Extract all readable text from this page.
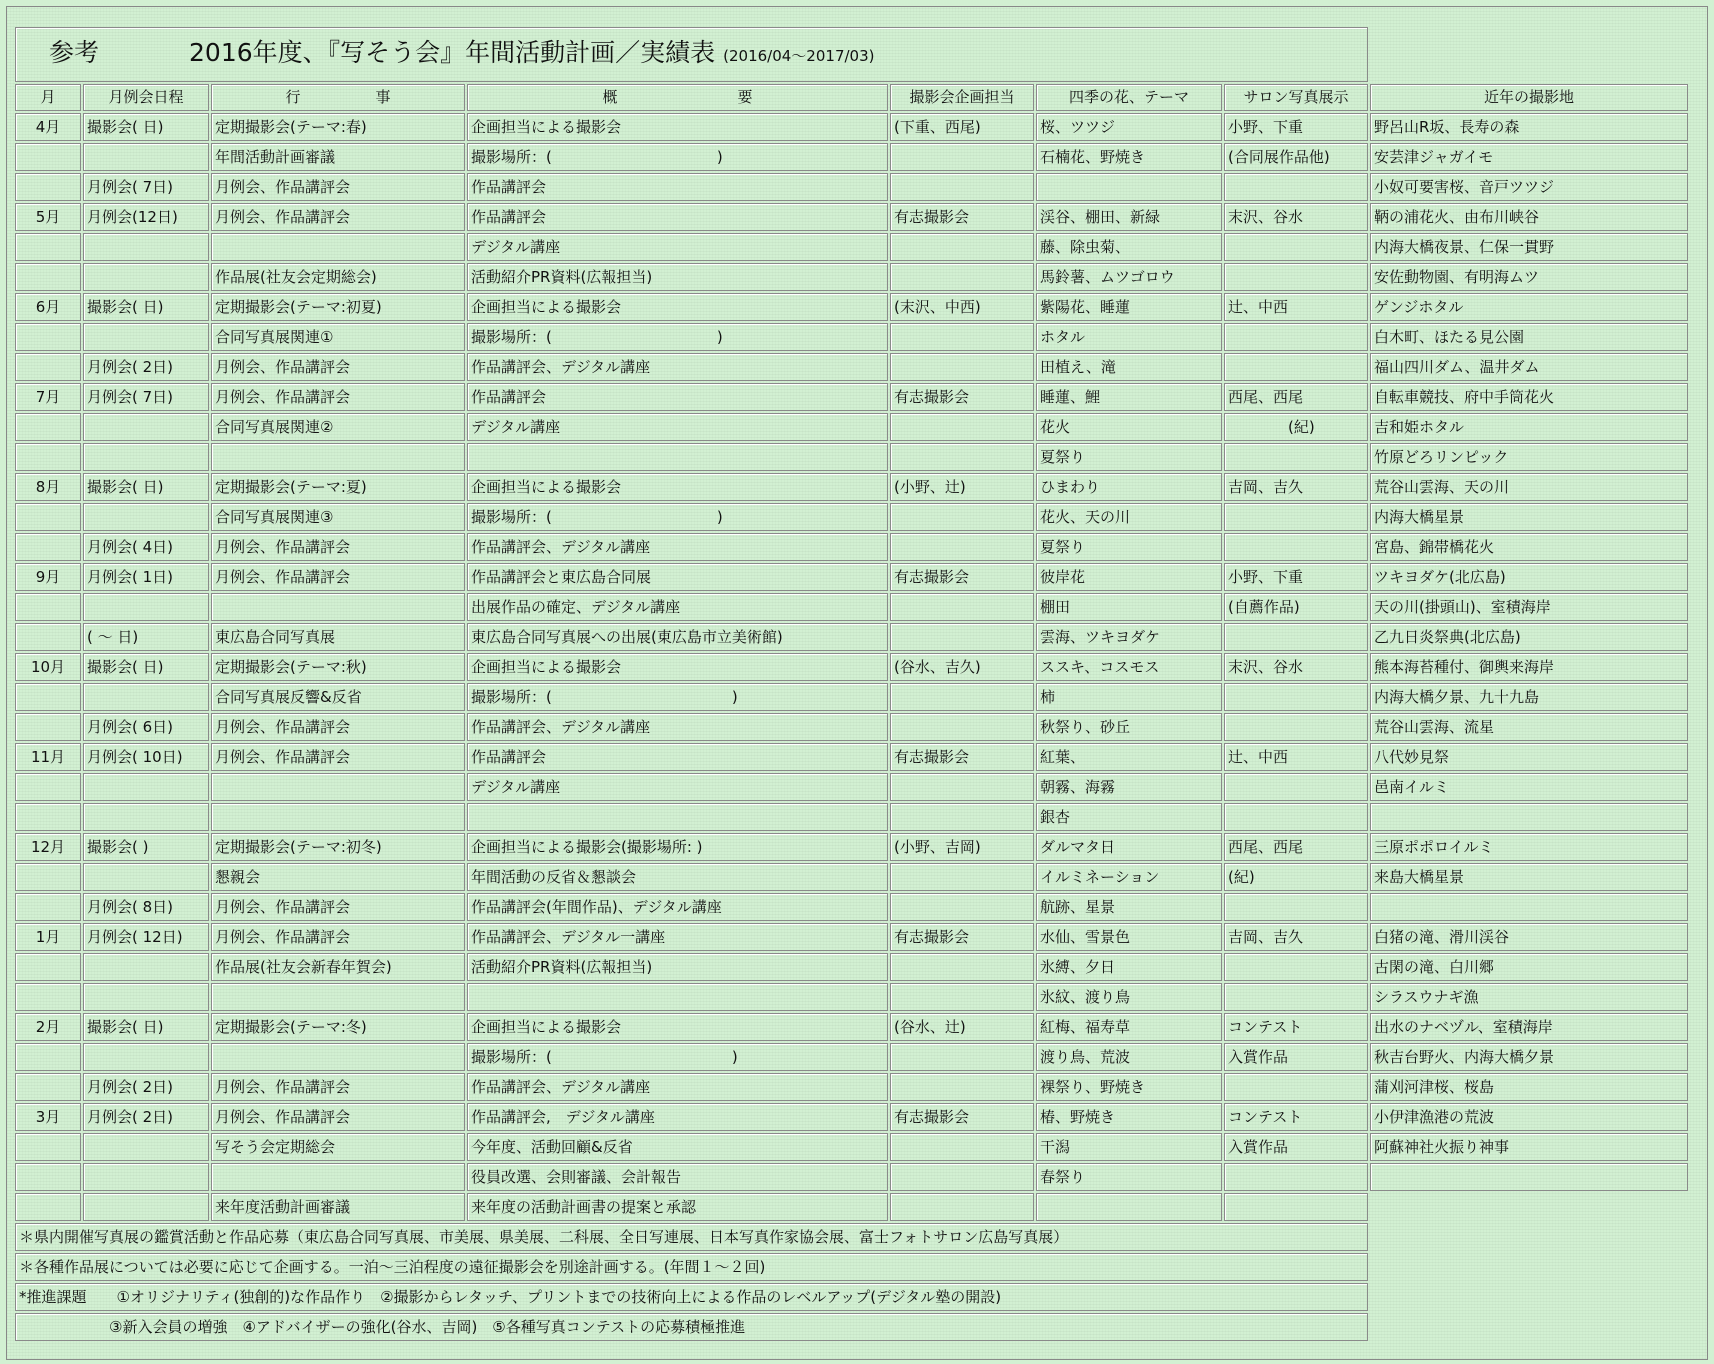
参考 2016年度、『写そう会』年間活動計画／実績表 (2016/04〜2017/03)							
月	月例会日程	行　　　　　事	概　　　　　　　　要	撮影会企画担当	四季の花、テーマ	サロン写真展示	近年の撮影地
4月	撮影会( 日)	定期撮影会(テーマ:春)	企画担当による撮影会	(下重、西尾)	桜、ツツジ	小野、下重	野呂山R坂、長寿の森
		年間活動計画審議	撮影場所：(　　　　　　　　　　　)		石楠花、野焼き	(合同展作品他)	安芸津ジャガイモ
	月例会( 7日)	月例会、作品講評会	作品講評会				小奴可要害桜、音戸ツツジ
5月	月例会(12日)	月例会、作品講評会	作品講評会	有志撮影会	渓谷、棚田、新緑	末沢、谷水	鞆の浦花火、由布川峡谷
			デジタル講座		藤、除虫菊、		内海大橋夜景、仁保一貫野
		作品展(社友会定期総会)	活動紹介PR資料(広報担当)		馬鈴薯、ムツゴロウ		安佐動物園、有明海ムツ
6月	撮影会( 日)	定期撮影会(テーマ:初夏)	企画担当による撮影会	(末沢、中西)	紫陽花、睡蓮	辻、中西	ゲンジホタル
		合同写真展関連①	撮影場所：(　　　　　　　　　　　)		ホタル		白木町、ほたる見公園
	月例会( 2日)	月例会、作品講評会	作品講評会、デジタル講座		田植え、滝		福山四川ダム、温井ダム
7月	月例会( 7日)	月例会、作品講評会	作品講評会	有志撮影会	睡蓮、鯉	西尾、西尾	自転車競技、府中手筒花火
		合同写真展関連②	デジタル講座		花火	　　　　(紀)	吉和姫ホタル
					夏祭り		竹原どろリンピック
8月	撮影会( 日)	定期撮影会(テーマ:夏)	企画担当による撮影会	(小野、辻)	ひまわり	吉岡、吉久	荒谷山雲海、天の川
		合同写真展関連③	撮影場所：(　　　　　　　　　　　)		花火、天の川		内海大橋星景
	月例会( 4日)	月例会、作品講評会	作品講評会、デジタル講座		夏祭り		宮島、錦帯橋花火
9月	月例会( 1日)	月例会、作品講評会	作品講評会と東広島合同展	有志撮影会	彼岸花	小野、下重	ツキヨダケ(北広島)
			出展作品の確定、デジタル講座		棚田	(自薦作品)	天の川(掛頭山)、室積海岸
	( 〜 日)	東広島合同写真展	東広島合同写真展への出展(東広島市立美術館)		雲海、ツキヨダケ		乙九日炎祭典(北広島)
10月	撮影会( 日)	定期撮影会(テーマ:秋)	企画担当による撮影会	(谷水、吉久)	ススキ、コスモス	末沢、谷水	熊本海苔種付、御輿来海岸
		合同写真展反響&反省	撮影場所：(　　　　　　　　　　　　)		柿		内海大橋夕景、九十九島
	月例会( 6日)	月例会、作品講評会	作品講評会、デジタル講座		秋祭り、砂丘		荒谷山雲海、流星
11月	月例会( 10日)	月例会、作品講評会	作品講評会	有志撮影会	紅葉、	辻、中西	八代妙見祭
			デジタル講座		朝霧、海霧		邑南イルミ
					銀杏		
12月	撮影会( )	定期撮影会(テーマ:初冬)	企画担当による撮影会(撮影場所: )	(小野、吉岡)	ダルマタ日	西尾、西尾	三原ポポロイルミ
		懇親会	年間活動の反省＆懇談会		イルミネーション	(紀)	来島大橋星景
	月例会( 8日)	月例会、作品講評会	作品講評会(年間作品)、デジタル講座		航跡、星景		
1月	月例会( 12日)	月例会、作品講評会	作品講評会、デジタル一講座	有志撮影会	水仙、雪景色	吉岡、吉久	白猪の滝、滑川渓谷
		作品展(社友会新春年賀会)	活動紹介PR資料(広報担当)		氷縛、夕日		古閑の滝、白川郷
					氷紋、渡り鳥		シラスウナギ漁
2月	撮影会( 日)	定期撮影会(テーマ:冬)	企画担当による撮影会	(谷水、辻)	紅梅、福寿草	コンテスト	出水のナベヅル、室積海岸
			撮影場所：(　　　　　　　　　　　　)		渡り鳥、荒波	入賞作品	秋吉台野火、内海大橋夕景
	月例会( 2日)	月例会、作品講評会	作品講評会、デジタル講座		裸祭り、野焼き		蒲刈河津桜、桜島
3月	月例会( 2日)	月例会、作品講評会	作品講評会,　デジタル講座	有志撮影会	椿、野焼き	コンテスト	小伊津漁港の荒波
		写そう会定期総会	今年度、活動回顧&反省		干潟	入賞作品	阿蘇神社火振り神事
			役員改選、会則審議、会計報告		春祭り		
		来年度活動計画審議	来年度の活動計画書の提案と承認				
＊県内開催写真展の鑑賞活動と作品応募（東広島合同写真展、市美展、県美展、二科展、全日写連展、日本写真作家協会展、富士フォトサロン広島写真展）							
＊各種作品展については必要に応じて企画する。一泊〜三泊程度の遠征撮影会を別途計画する。(年間１〜２回)							
*推進課題　　①オリジナリティ(独創的)な作品作り　②撮影からレタッチ、プリントまでの技術向上による作品のレベルアップ(デジタル塾の開設)							
　　　　　　③新入会員の増強　④アドバイザーの強化(谷水、吉岡)　⑤各種写真コンテストの応募積極推進							
